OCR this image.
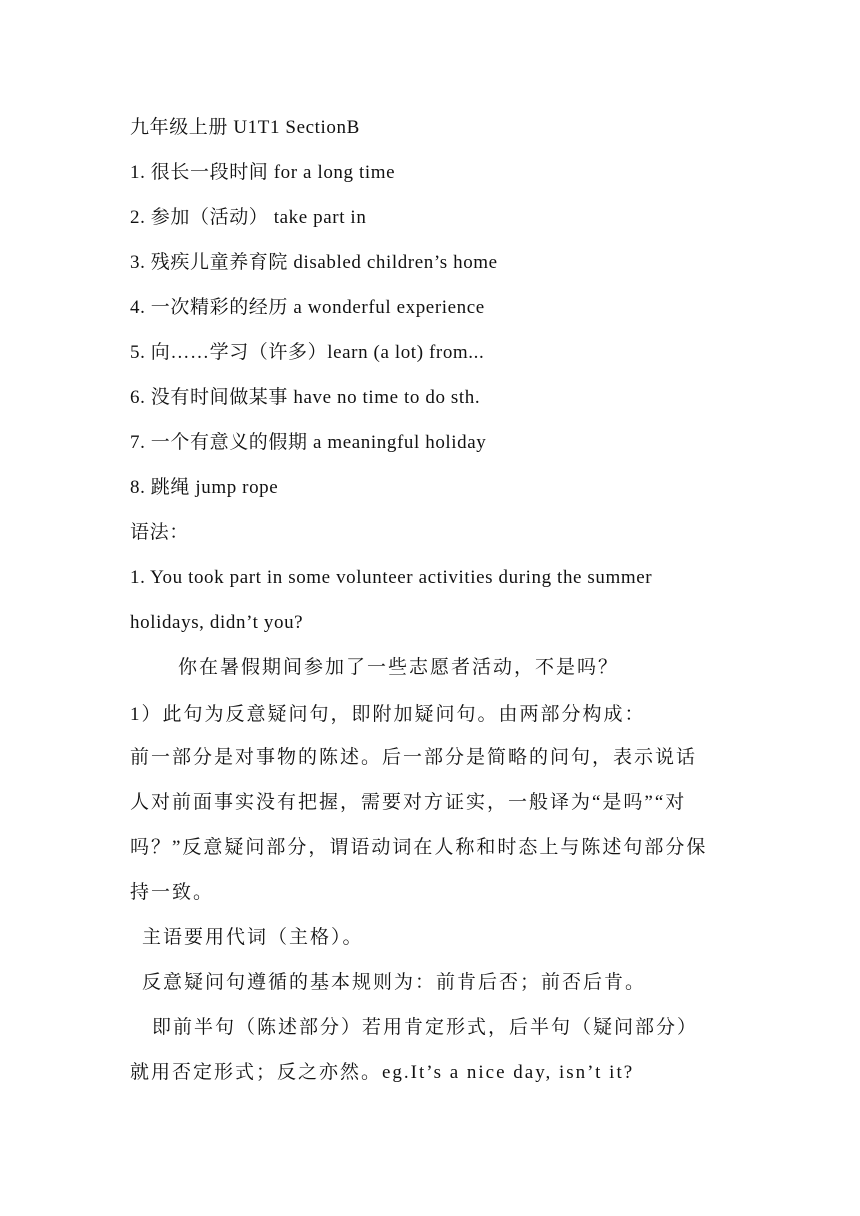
九年级上册 U1T1 SectionB
1. 很长一段时间 for a long time
2. 参加（活动） take part in
3. 残疾儿童养育院 disabled children’s home
4. 一次精彩的经历 a wonderful experience
5. 向……学习（许多）learn (a lot) from...
6. 没有时间做某事 have no time to do sth.
7. 一个有意义的假期 a meaningful holiday
8. 跳绳 jump rope
语法：
1. You took part in some volunteer activities during the summer
holidays, didn’t you?
你在暑假期间参加了一些志愿者活动，不是吗？
1）此句为反意疑问句，即附加疑问句。由两部分构成：
前一部分是对事物的陈述。后一部分是简略的问句，表示说话
人对前面事实没有把握，需要对方证实，一般译为“是吗”“对
吗？”反意疑问部分，谓语动词在人称和时态上与陈述句部分保
持一致。
主语要用代词（主格）。
反意疑问句遵循的基本规则为：前肯后否；前否后肯。
即前半句（陈述部分）若用肯定形式，后半句（疑问部分）
就用否定形式；反之亦然。eg.It’s a nice day, isn’t it?
